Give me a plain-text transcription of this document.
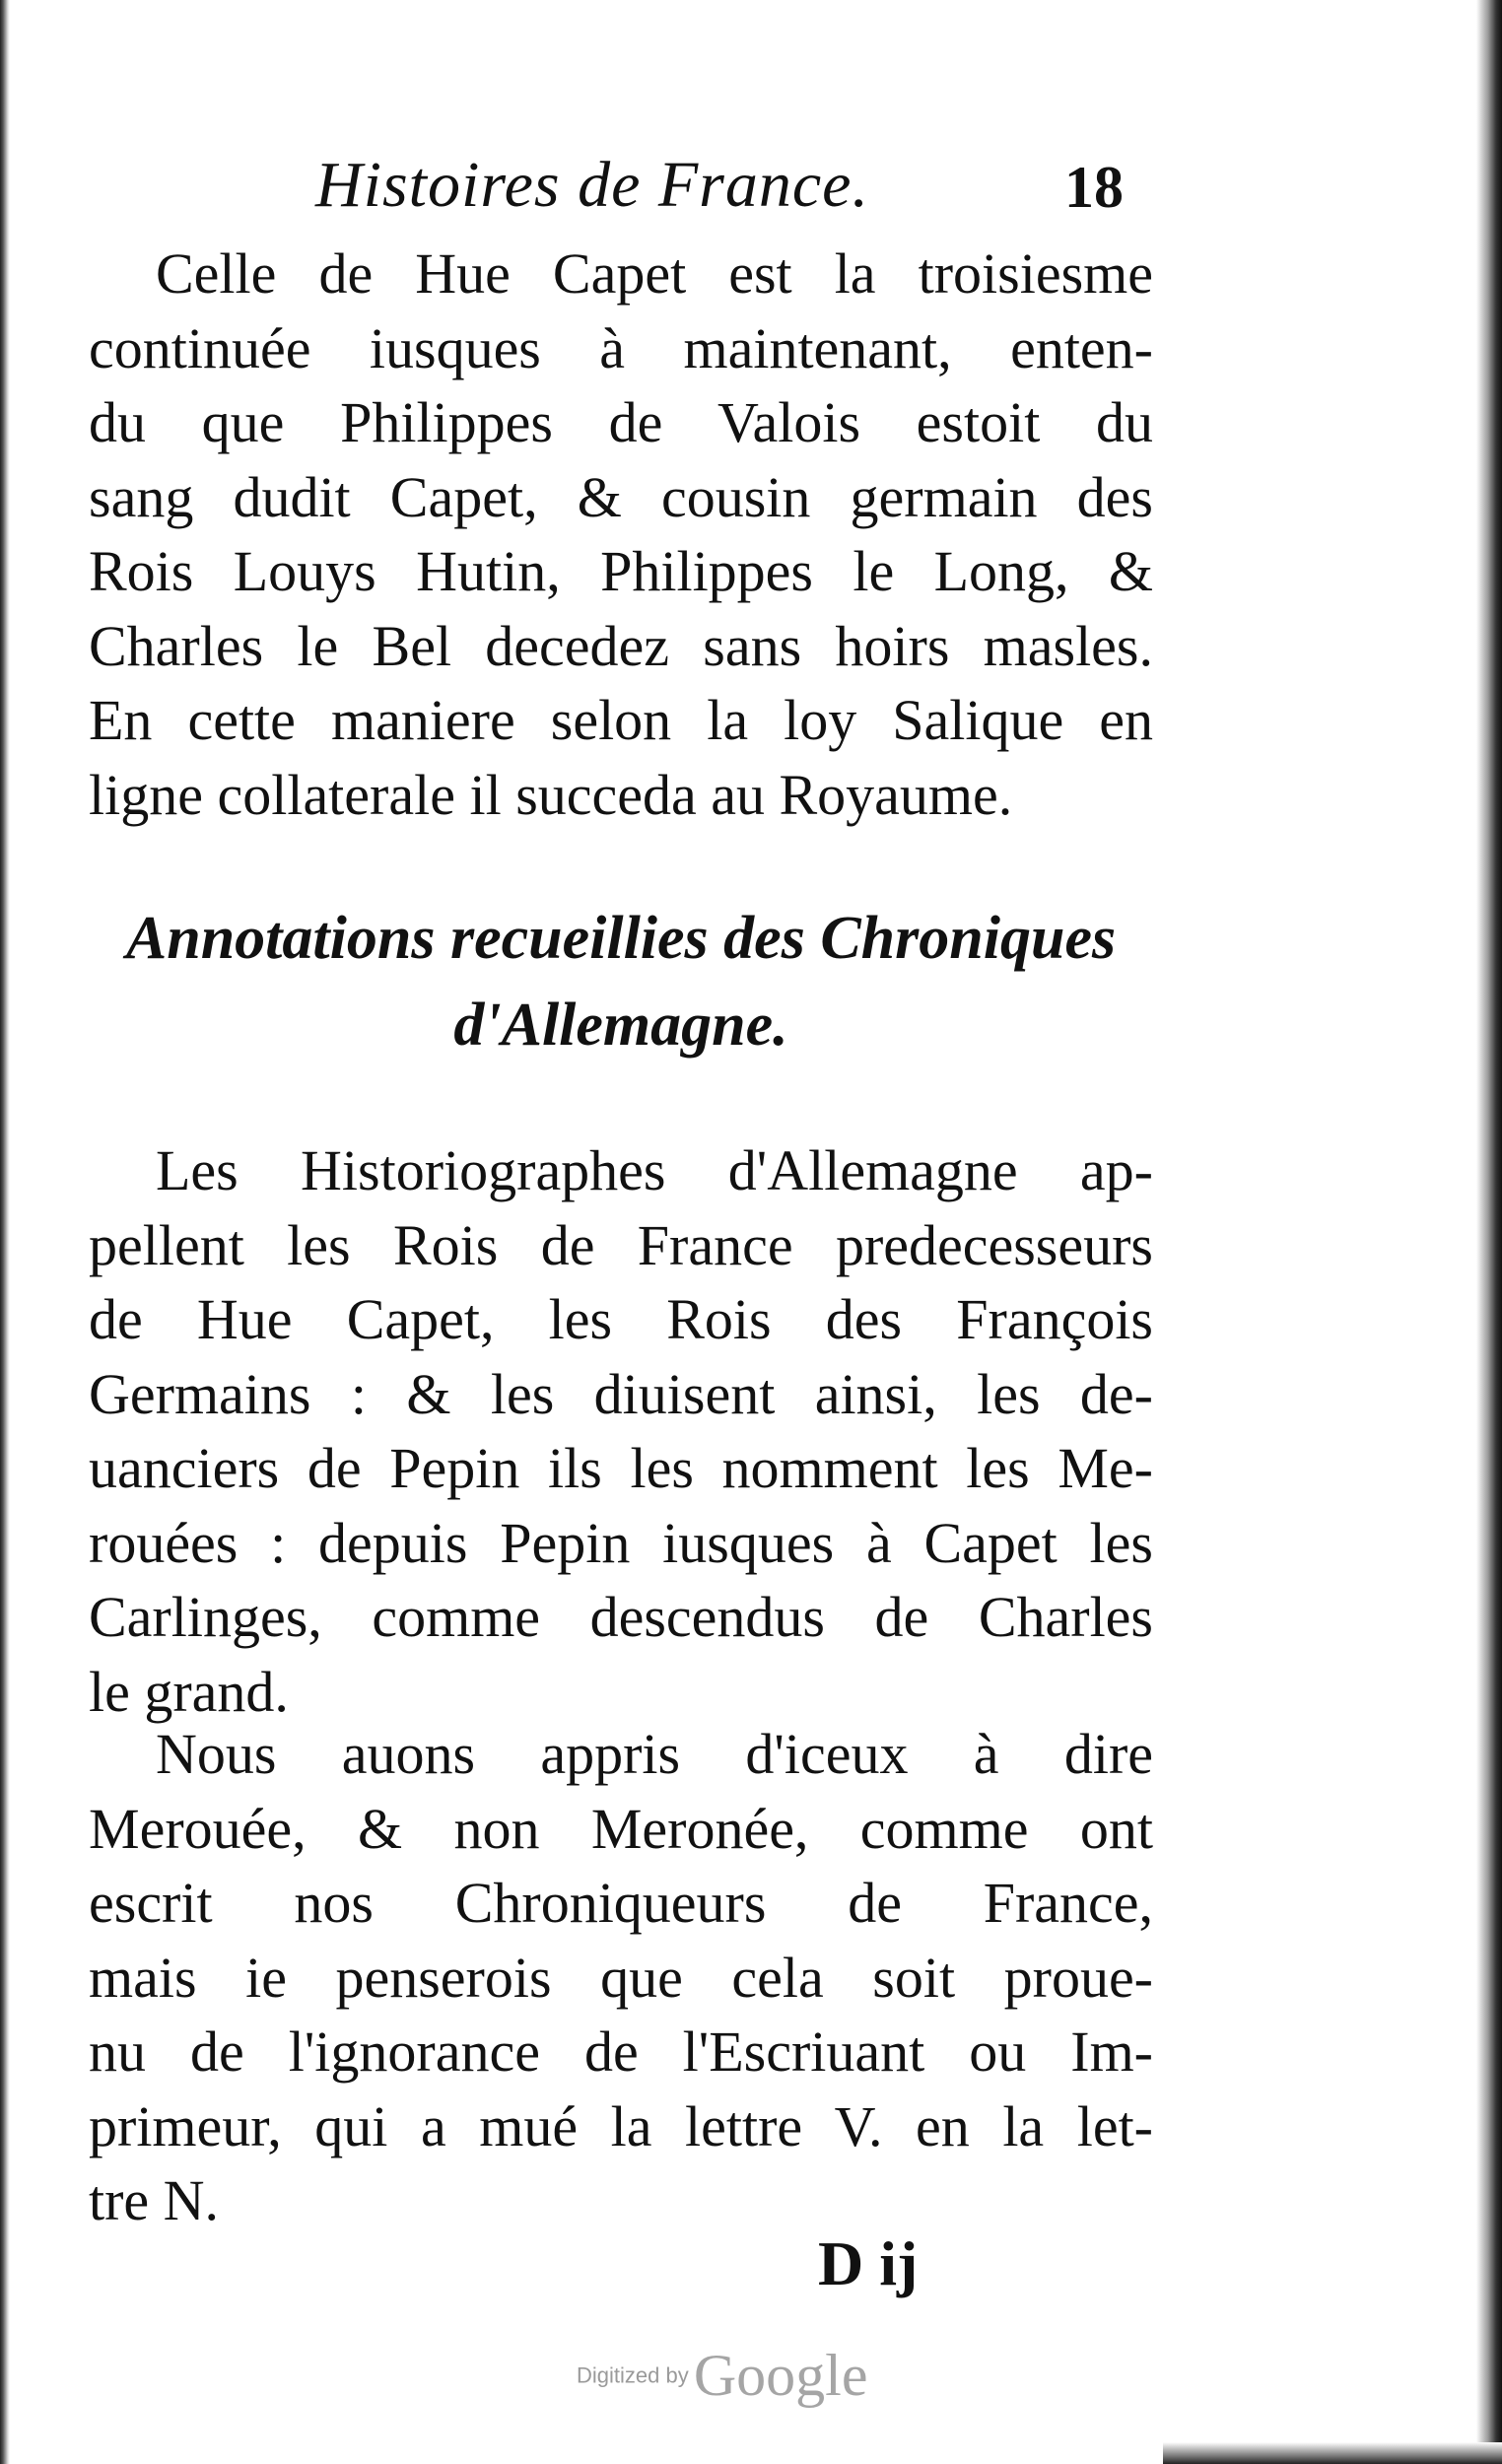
Histoires de France.	18
Celle de Hue Capet est la troisiesme
continuée iusques à maintenant, enten-
du que Philippes de Valois estoit du
sang dudit Capet, & cousin germain des
Rois Louys Hutin, Philippes le Long, &
Charles le Bel decedez sans hoirs masles.
En cette maniere selon la loy Salique en
ligne collaterale il succeda au Royaume.
Annotations recueillies des Chroniques
d'Allemagne.
Les Historiographes d'Allemagne ap-
pellent les Rois de France predecesseurs
de Hue Capet, les Rois des François
Germains : & les diuisent ainsi, les de-
uanciers de Pepin ils les nomment les Me-
rouées : depuis Pepin iusques à Capet les
Carlinges, comme descendus de Charles
le grand.
Nous auons appris d'iceux à dire
Merouée, & non Meronée, comme ont
escrit nos Chroniqueurs de France,
mais ie penserois que cela soit proue-
nu de l'ignorance de l'Escriuant ou Im-
primeur, qui a mué la lettre V. en la let-
tre N.
D ij
Digitized by Google
